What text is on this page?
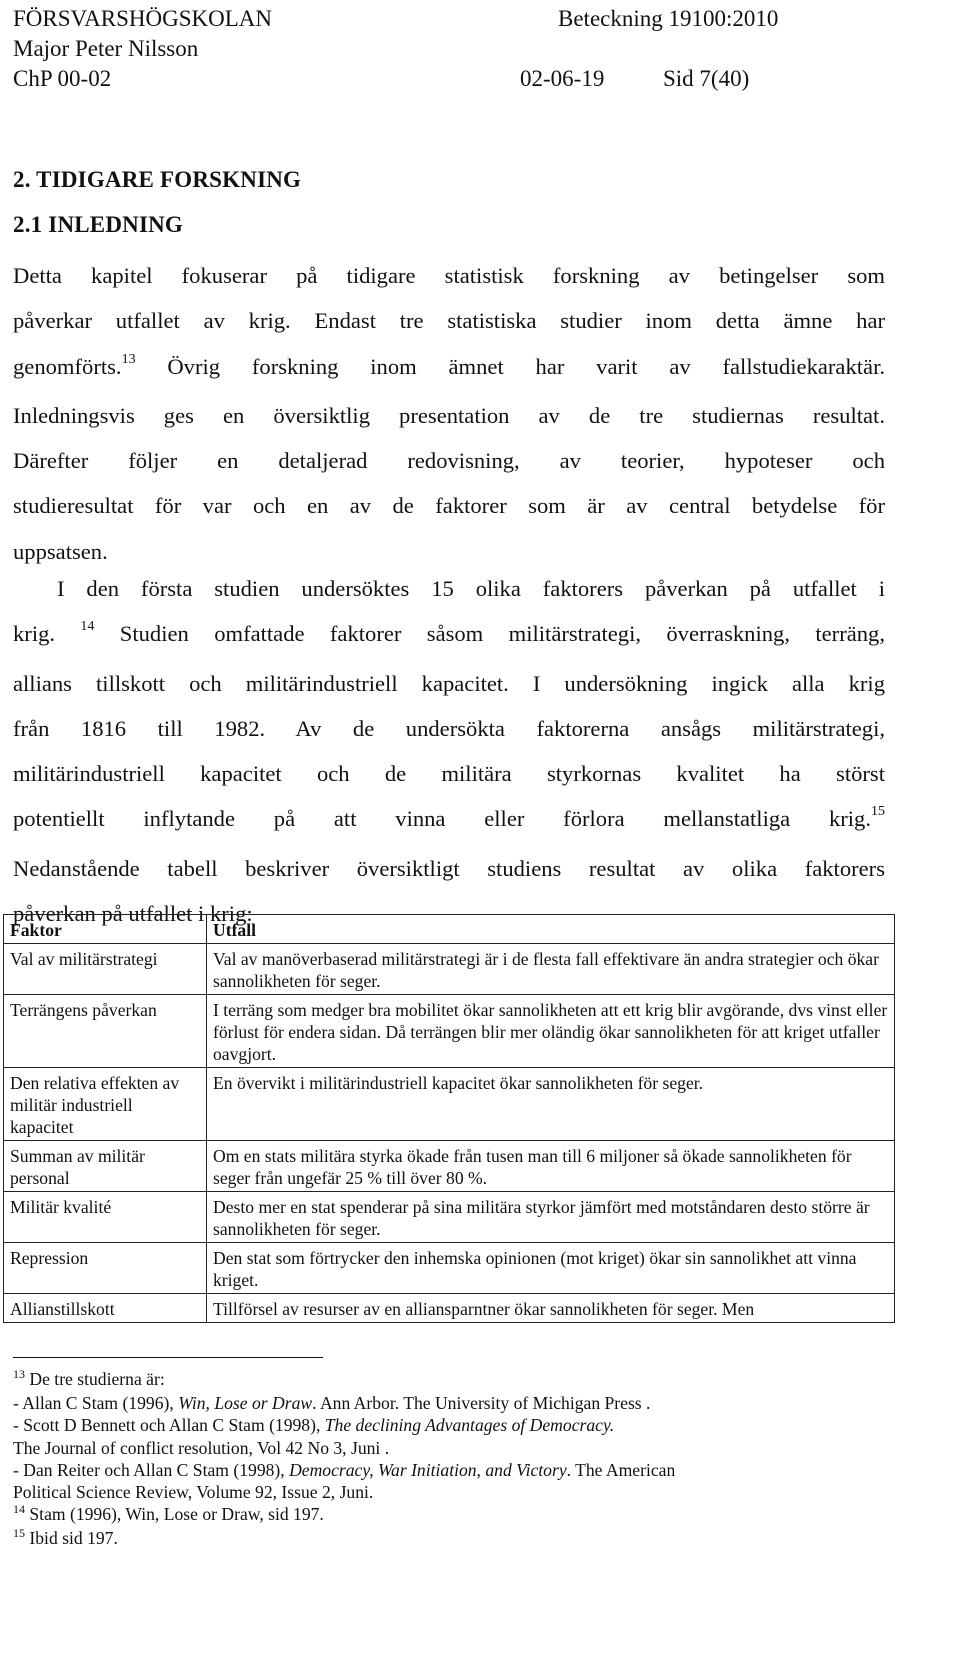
FÖRSVARSHÖGSKOLAN	Beteckning 19100:2010
Major Peter Nilsson
ChP 00-02	02-06-19	Sid 7(40)
2. TIDIGARE FORSKNING
2.1 INLEDNING
Detta kapitel fokuserar på tidigare statistisk forskning av betingelser som
påverkar utfallet av krig. Endast tre statistiska studier inom detta ämne har
genomförts.$^{13}$ Övrig forskning inom ämnet har varit av fallstudiekaraktär.
Inledningsvis ges en översiktlig presentation av de tre studiernas resultat.
Därefter följer en detaljerad redovisning, av teorier, hypoteser och
studieresultat för var och en av de faktorer som är av central betydelse för
uppsatsen.
I den första studien undersöktes 15 olika faktorers påverkan på utfallet i
krig. $^{14}$ Studien omfattade faktorer såsom militärstrategi, överraskning, terräng,
allians tillskott och militärindustriell kapacitet. I undersökning ingick alla krig
från 1816 till 1982. Av de undersökta faktorerna ansågs militärstrategi,
militärindustriell kapacitet och de militära styrkornas kvalitet ha störst
potentiellt inflytande på att vinna eller förlora mellanstatliga krig.$^{15}$
Nedanstående tabell beskriver översiktligt studiens resultat av olika faktorers
påverkan på utfallet i krig:
Faktor	Utfall
Val av militärstrategi	Val av manöverbaserad militärstrategi är i de flesta fall effektivare än andra strategier och ökar sannolikheten för seger.
Terrängens påverkan	I terräng som medger bra mobilitet ökar sannolikheten att ett krig blir avgörande, dvs vinst eller förlust för endera sidan. Då terrängen blir mer oländig ökar sannolikheten för att kriget utfaller oavgjort.
Den relativa effekten av militär industriell kapacitet	En övervikt i militärindustriell kapacitet ökar sannolikheten för seger.
Summan av militär personal	Om en stats militära styrka ökade från tusen man till 6 miljoner så ökade sannolikheten för seger från ungefär 25 % till över 80 %.
Militär kvalité	Desto mer en stat spenderar på sina militära styrkor jämfört med motståndaren desto större är sannolikheten för seger.
Repression	Den stat som förtrycker den inhemska opinionen (mot kriget) ökar sin sannolikhet att vinna kriget.
Allianstillskott	Tillförsel av resurser av en alliansparntner ökar sannolikheten för seger. Men
$^{13}$ De tre studierna är:
- Allan C Stam (1996), Win, Lose or Draw. Ann Arbor. The University of Michigan Press .
- Scott D Bennett och Allan C Stam (1998), The declining Advantages of Democracy.
The Journal of conflict resolution, Vol 42 No 3, Juni .
- Dan Reiter och Allan C Stam (1998), Democracy, War Initiation, and Victory. The American
Political Science Review, Volume 92, Issue 2, Juni.
$^{14}$ Stam (1996), Win, Lose or Draw, sid 197.
$^{15}$ Ibid sid 197.
